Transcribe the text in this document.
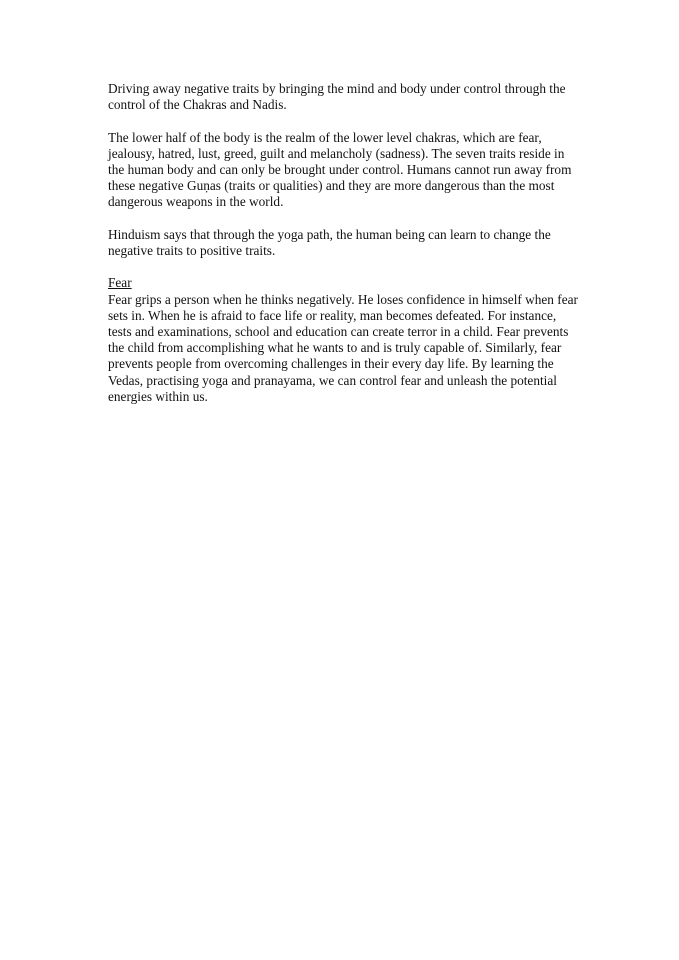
Driving away negative traits by bringing the mind and body under control through the control of the Chakras and Nadis.

The lower half of the body is the realm of the lower level chakras, which are fear, jealousy, hatred, lust, greed, guilt and melancholy (sadness). The seven traits reside in the human body and can only be brought under control. Humans cannot run away from these negative Guṇas (traits or qualities) and they are more dangerous than the most dangerous weapons in the world.

Hinduism says that through the yoga path, the human being can learn to change the negative traits to positive traits.

Fear

Fear grips a person when he thinks negatively. He loses confidence in himself when fear sets in. When he is afraid to face life or reality, man becomes defeated. For instance, tests and examinations, school and education can create terror in a child. Fear prevents the child from accomplishing what he wants to and is truly capable of. Similarly, fear prevents people from overcoming challenges in their every day life. By learning the Vedas, practising yoga and pranayama, we can control fear and unleash the potential energies within us.
